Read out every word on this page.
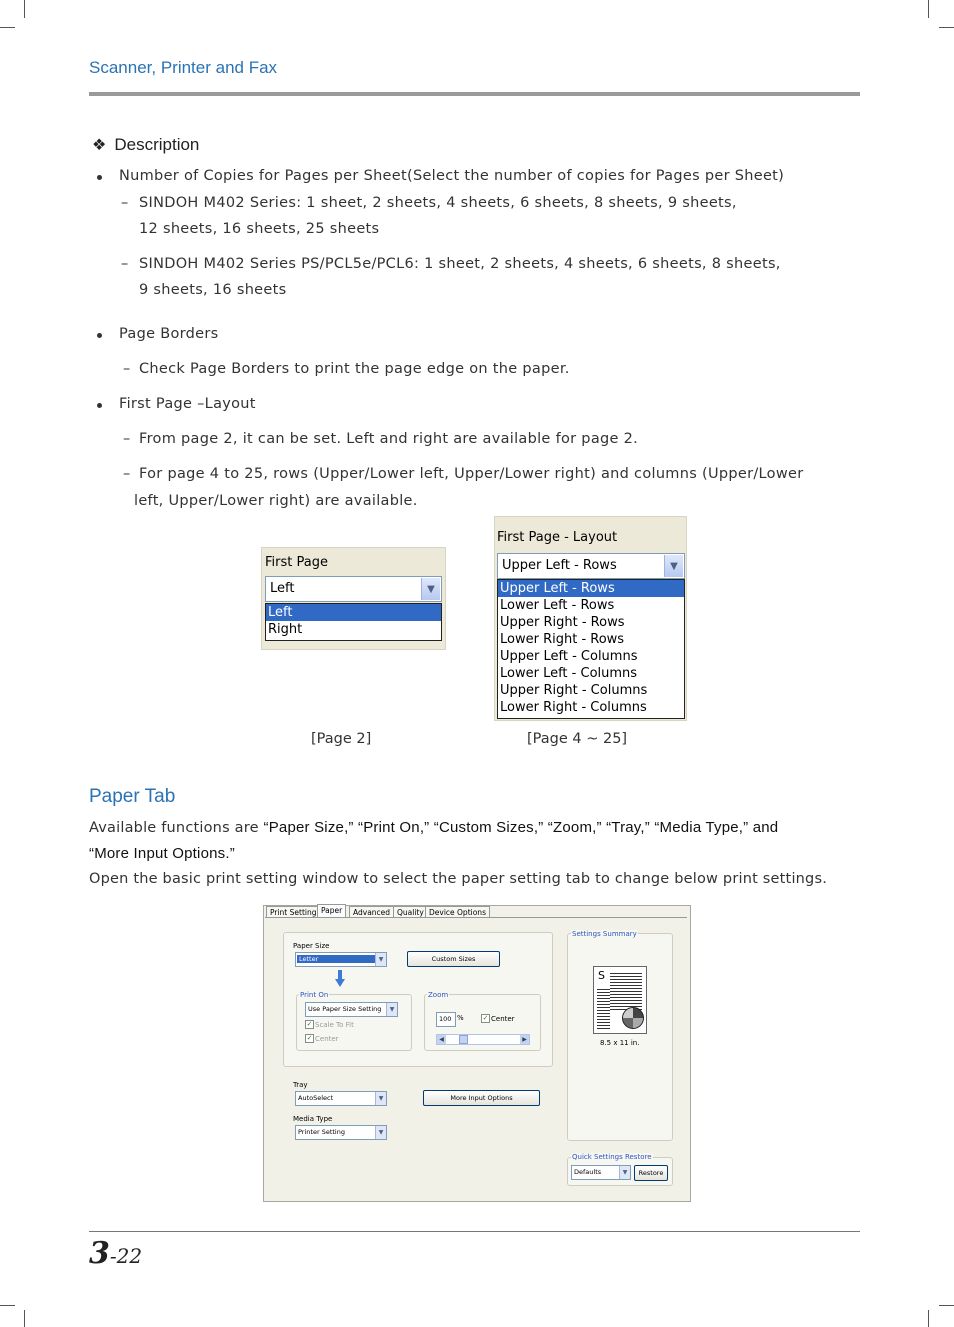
Scanner, Printer and Fax
❖ Description
Number of Copies for Pages per Sheet(Select the number of copies for Pages per Sheet)
– SINDOH M402 Series: 1 sheet, 2 sheets, 4 sheets, 6 sheets, 8 sheets, 9 sheets,
12 sheets, 16 sheets, 25 sheets
– SINDOH M402 Series PS/PCL5e/PCL6: 1 sheet, 2 sheets, 4 sheets, 6 sheets, 8 sheets,
9 sheets, 16 sheets
Page Borders
– Check Page Borders to print the page edge on the paper.
First Page –Layout
– From page 2, it can be set. Left and right are available for page 2.
– For page 4 to 25, rows (Upper/Lower left, Upper/Lower right) and columns (Upper/Lower
left, Upper/Lower right) are available.
First Page
Left	▼
Left
Right
First Page - Layout
Upper Left - Rows	▼
Upper Left - Rows
Lower Left - Rows
Upper Right - Rows
Lower Right - Rows
Upper Left - Columns
Lower Left - Columns
Upper Right - Columns
Lower Right - Columns
[Page 2]	[Page 4 ~ 25]
Paper Tab
Available functions are “Paper Size,” “Print On,” “Custom Sizes,” “Zoom,” “Tray,” “Media Type,” and
“More Input Options.”
Open the basic print setting window to select the paper setting tab to change below print settings.
Print Setting Paper	Advanced Quality Device Options
Paper Size
Letter	▼	Custom Sizes
Print On
Use Paper Size Setting	▼
✓ Scale To Fit
✓ Center
Zoom
100 %	✓ Center
◀	▶
Tray
AutoSelect	▼	More Input Options
Media Type
Printer Setting	▼
Settings Summary
S
8.5 x 11 in.
Quick Settings Restore
Defaults	▼	Restore
3-22
